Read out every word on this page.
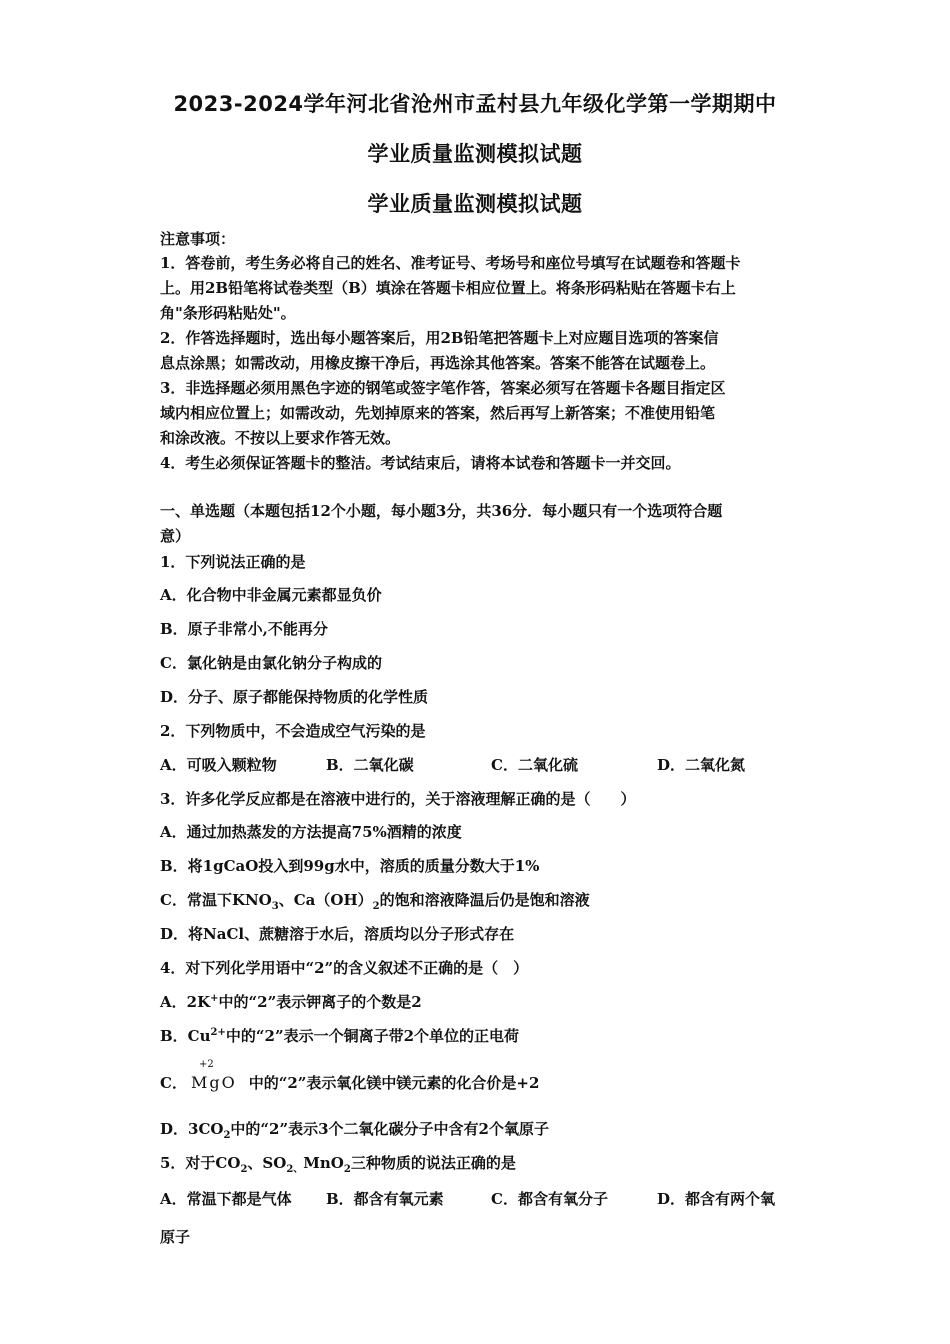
2023-2024学年河北省沧州市孟村县九年级化学第一学期期中
学业质量监测模拟试题
学业质量监测模拟试题
注意事项：
1．答卷前，考生务必将自己的姓名、准考证号、考场号和座位号填写在试题卷和答题卡
上。用2B铅笔将试卷类型（B）填涂在答题卡相应位置上。将条形码粘贴在答题卡右上
角"条形码粘贴处"。
2．作答选择题时，选出每小题答案后，用2B铅笔把答题卡上对应题目选项的答案信
息点涂黑；如需改动，用橡皮擦干净后，再选涂其他答案。答案不能答在试题卷上。
3．非选择题必须用黑色字迹的钢笔或签字笔作答，答案必须写在答题卡各题目指定区
域内相应位置上；如需改动，先划掉原来的答案，然后再写上新答案；不准使用铅笔
和涂改液。不按以上要求作答无效。
4．考生必须保证答题卡的整洁。考试结束后，请将本试卷和答题卡一并交回。
一、单选题（本题包括12个小题，每小题3分，共36分．每小题只有一个选项符合题
意）
1．下列说法正确的是
A．化合物中非金属元素都显负价
B．原子非常小,不能再分
C．氯化钠是由氯化钠分子构成的
D．分子、原子都能保持物质的化学性质
2．下列物质中，不会造成空气污染的是
A．可吸入颗粒物	B．二氧化碳	C．二氧化硫	D．二氧化氮
3．许多化学反应都是在溶液中进行的，关于溶液理解正确的是（　　）
A．通过加热蒸发的方法提高75%酒精的浓度
B．将1gCaO投入到99g水中，溶质的质量分数大于1%
C．常温下$KNO_3$、$Ca(OH)_2$的饱和溶液降温后仍是饱和溶液
D．将NaCl、蔗糖溶于水后，溶质均以分子形式存在
4．对下列化学用语中“2”的含义叙述不正确的是（　）
A．2K+中的“2”表示钾离子的个数是2
B．$Cu^{2+}$中的“2”表示一个铜离子带2个单位的正电荷
C．
+2
MgO 中的“2”表示氧化镁中镁元素的化合价是+2
D．$3CO_2$中的“2”表示3个二氧化碳分子中含有2个氧原子
5．对于$CO_2$、$SO_{2、}MnO_2$三种物质的说法正确的是
A．常温下都是气体 B．都含有氧元素	C．都含有氧分子	D．都含有两个氧
原子
